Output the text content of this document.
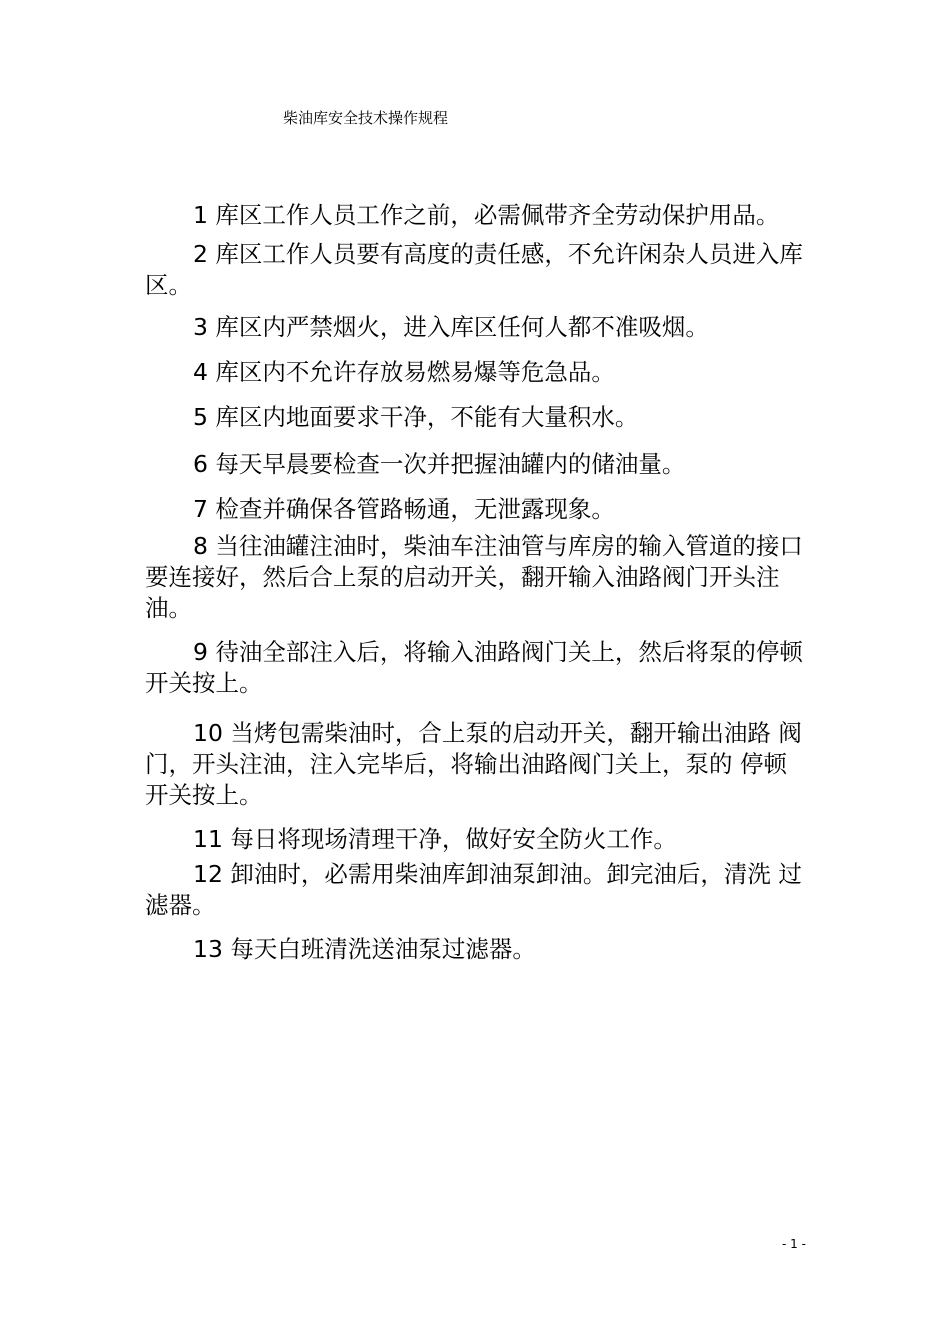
柴油库安全技术操作规程

1 库区工作人员工作之前，必需佩带齐全劳动保护用品。

2 库区工作人员要有高度的责任感，不允许闲杂人员进入库区。

3 库区内严禁烟火，进入库区任何人都不准吸烟。

4 库区内不允许存放易燃易爆等危急品。

5 库区内地面要求干净，不能有大量积水。

6 每天早晨要检查一次并把握油罐内的储油量。

7 检查并确保各管路畅通，无泄露现象。

8 当往油罐注油时，柴油车注油管与库房的输入管道的接口要连接好，然后合上泵的启动开关，翻开输入油路阀门开头注油。

9 待油全部注入后，将输入油路阀门关上，然后将泵的停顿开关按上。

10 当烤包需柴油时，合上泵的启动开关，翻开输出油路 阀门，开头注油，注入完毕后，将输出油路阀门关上，泵的 停顿开关按上。

11 每日将现场清理干净，做好安全防火工作。

12 卸油时，必需用柴油库卸油泵卸油。卸完油后，清洗 过滤器。

13 每天白班清洗送油泵过滤器。

- 1 -
